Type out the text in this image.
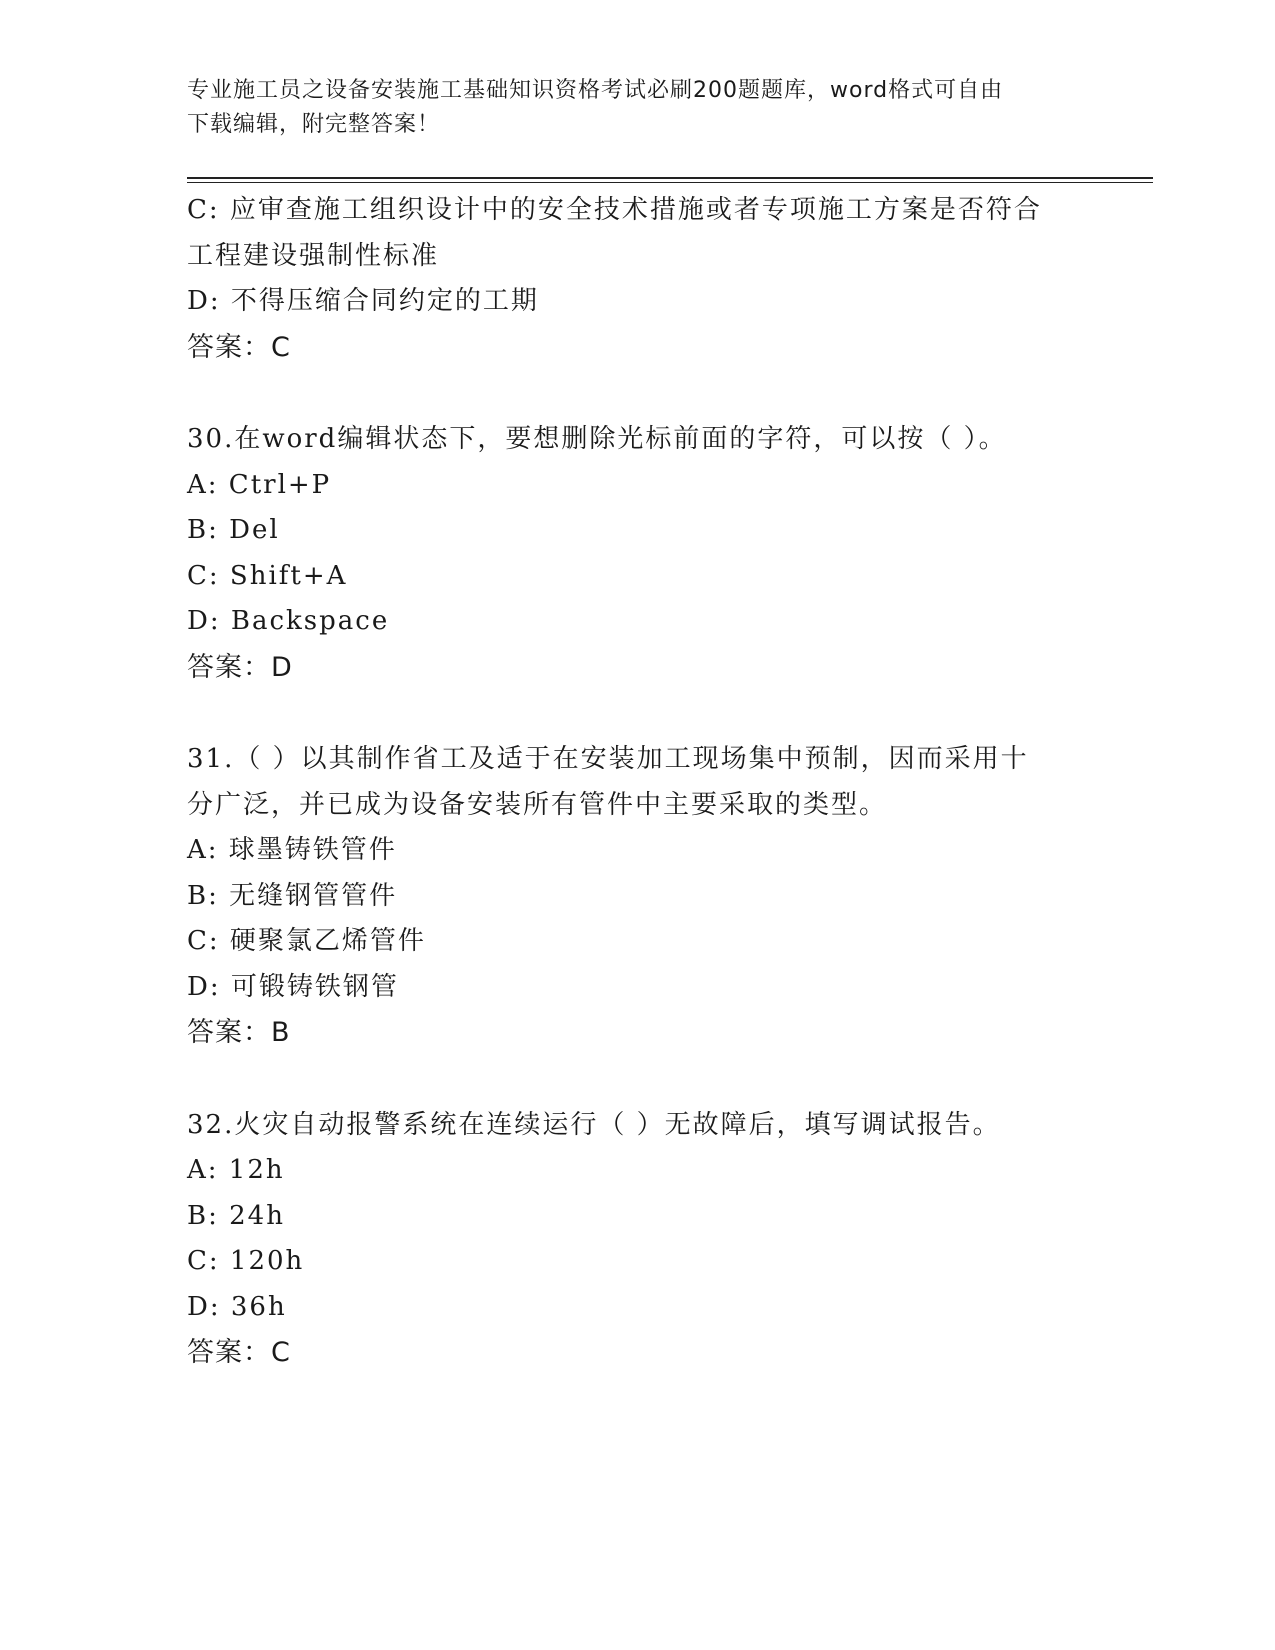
专业施工员之设备安装施工基础知识资格考试必刷200题题库，word格式可自由
下载编辑，附完整答案！
C: 应审查施工组织设计中的安全技术措施或者专项施工方案是否符合
工程建设强制性标准
D: 不得压缩合同约定的工期
答案：C
30.在word编辑状态下，要想删除光标前面的字符，可以按（ ）。
A: Ctrl+P
B: Del
C: Shift+A
D: Backspace
答案：D
31.（ ）以其制作省工及适于在安装加工现场集中预制，因而采用十
分广泛，并已成为设备安装所有管件中主要采取的类型。
A: 球墨铸铁管件
B: 无缝钢管管件
C: 硬聚氯乙烯管件
D: 可锻铸铁钢管
答案：B
32.火灾自动报警系统在连续运行（ ）无故障后，填写调试报告。
A: 12h
B: 24h
C: 120h
D: 36h
答案：C
